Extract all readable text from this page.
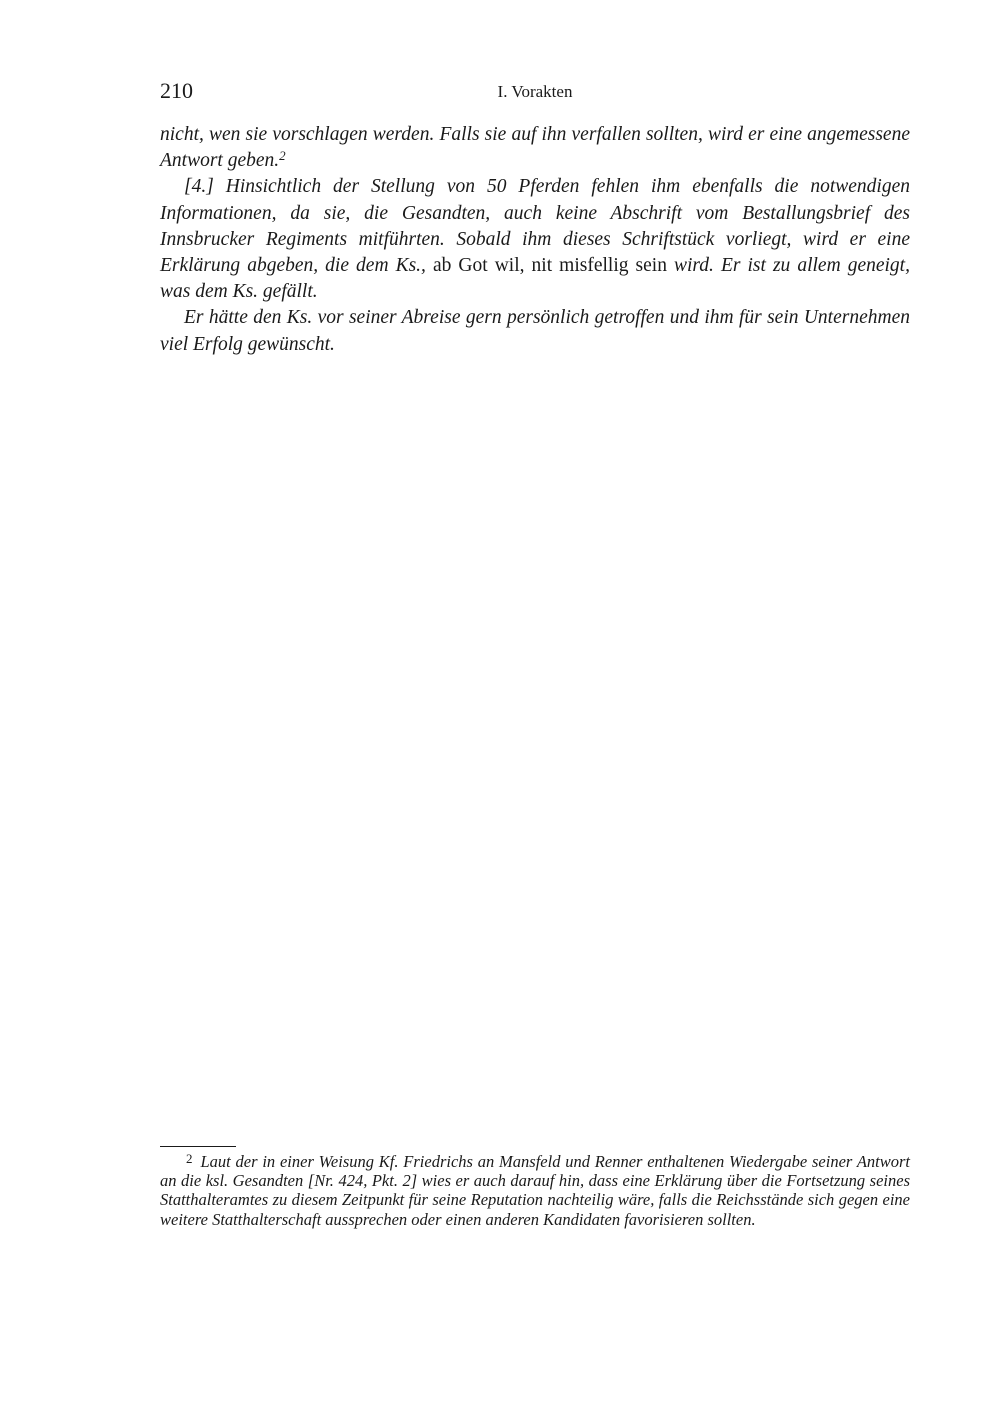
210	I. Vorakten

nicht, wen sie vorschlagen werden. Falls sie auf ihn verfallen sollten, wird er eine angemessene Antwort geben.$^2$

[4.] Hinsichtlich der Stellung von 50 Pferden fehlen ihm ebenfalls die notwendigen Informationen, da sie, die Gesandten, auch keine Abschrift vom Bestallungsbrief des Innsbrucker Regiments mitführten. Sobald ihm dieses Schriftstück vorliegt, wird er eine Erklärung abgeben, die dem Ks., ab Got wil, nit misfellig sein wird. Er ist zu allem geneigt, was dem Ks. gefällt.

Er hätte den Ks. vor seiner Abreise gern persönlich getroffen und ihm für sein Unternehmen viel Erfolg gewünscht.

$^2$ Laut der in einer Weisung Kf. Friedrichs an Mansfeld und Renner enthaltenen Wiedergabe seiner Antwort an die ksl. Gesandten [Nr. 424, Pkt. 2] wies er auch darauf hin, dass eine Erklärung über die Fortsetzung seines Statthalteramtes zu diesem Zeitpunkt für seine Reputation nachteilig wäre, falls die Reichsstände sich gegen eine weitere Statthalterschaft aussprechen oder einen anderen Kandidaten favorisieren sollten.
